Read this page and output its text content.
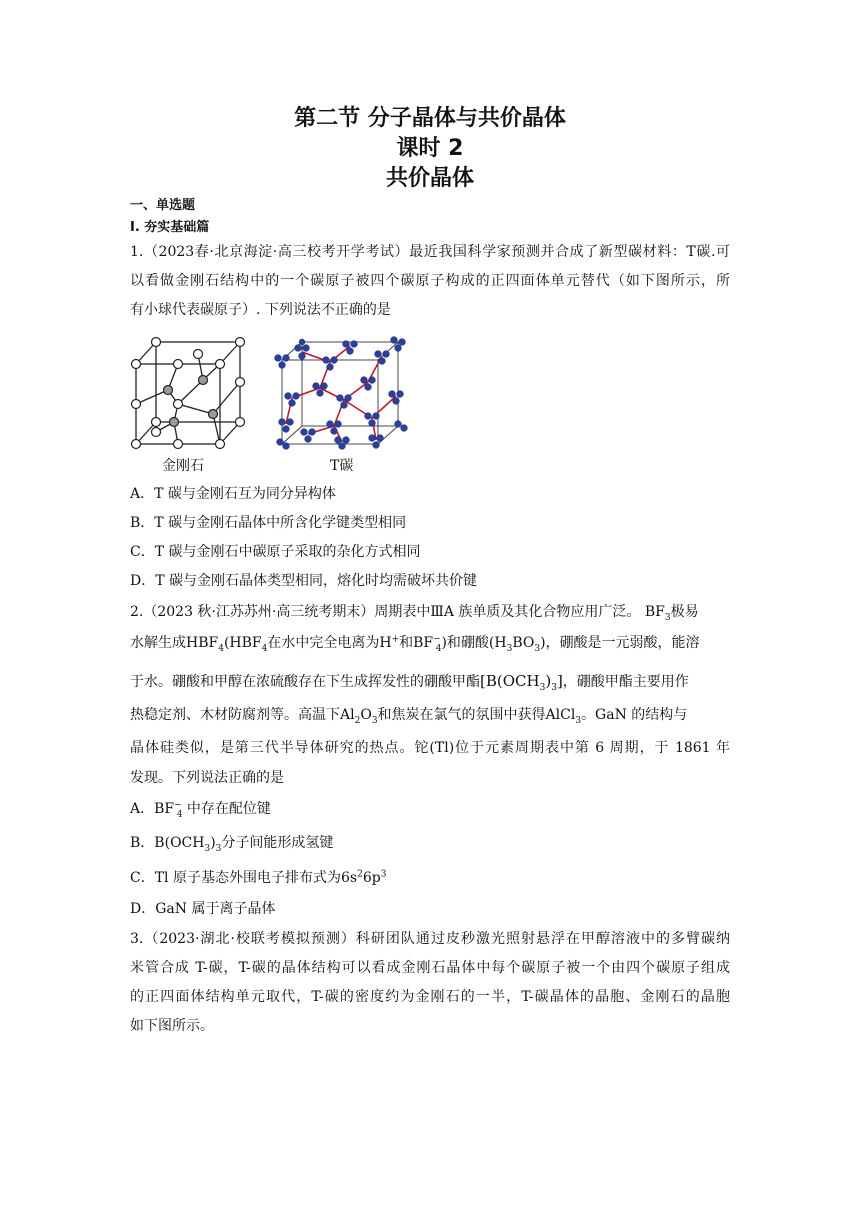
第二节 分子晶体与共价晶体
课时 2
共价晶体
一、单选题
Ⅰ. 夯实基础篇
1.（2023春·北京海淀·高三校考开学考试）最近我国科学家预测并合成了新型碳材料：T碳.可
以看做金刚石结构中的一个碳原子被四个碳原子构成的正四面体单元替代（如下图所示，所
有小球代表碳原子）. 下列说法不正确的是
金刚石	T碳
A．T 碳与金刚石互为同分异构体
B．T 碳与金刚石晶体中所含化学键类型相同
C．T 碳与金刚石中碳原子采取的杂化方式相同
D．T 碳与金刚石晶体类型相同，熔化时均需破坏共价键
2.（2023 秋·江苏苏州·高三统考期末）周期表中ⅢA 族单质及其化合物应用广泛。 $BF_3$极易
水解生成$HBF_4(HBF_4$在水中完全电离为H+和$BF^-_4$)和硼酸$(H_3BO_3)$，硼酸是一元弱酸，能溶
于水。硼酸和甲醇在浓硫酸存在下生成挥发性的硼酸甲酯$[B(OCH_3)_3]$，硼酸甲酯主要用作
热稳定剂、木材防腐剂等。高温下$Al_2O_3$和焦炭在氯气的氛围中获得AlCl$_3$。GaN 的结构与
晶体硅类似，是第三代半导体研究的热点。铊(Tl)位于元素周期表中第 6 周期，于 1861 年
发现。下列说法正确的是
A．$BF^-_4$ 中存在配位键
B．$B(OCH_3)_3$分子间能形成氢键
C．Tl 原子基态外围电子排布式为$6s^26p^3$
D．GaN 属于离子晶体
3.（2023·湖北·校联考模拟预测）科研团队通过皮秒激光照射悬浮在甲醇溶液中的多臂碳纳
米管合成 T-碳，T-碳的晶体结构可以看成金刚石晶体中每个碳原子被一个由四个碳原子组成
的正四面体结构单元取代，T-碳的密度约为金刚石的一半，T-碳晶体的晶胞、金刚石的晶胞
如下图所示。
